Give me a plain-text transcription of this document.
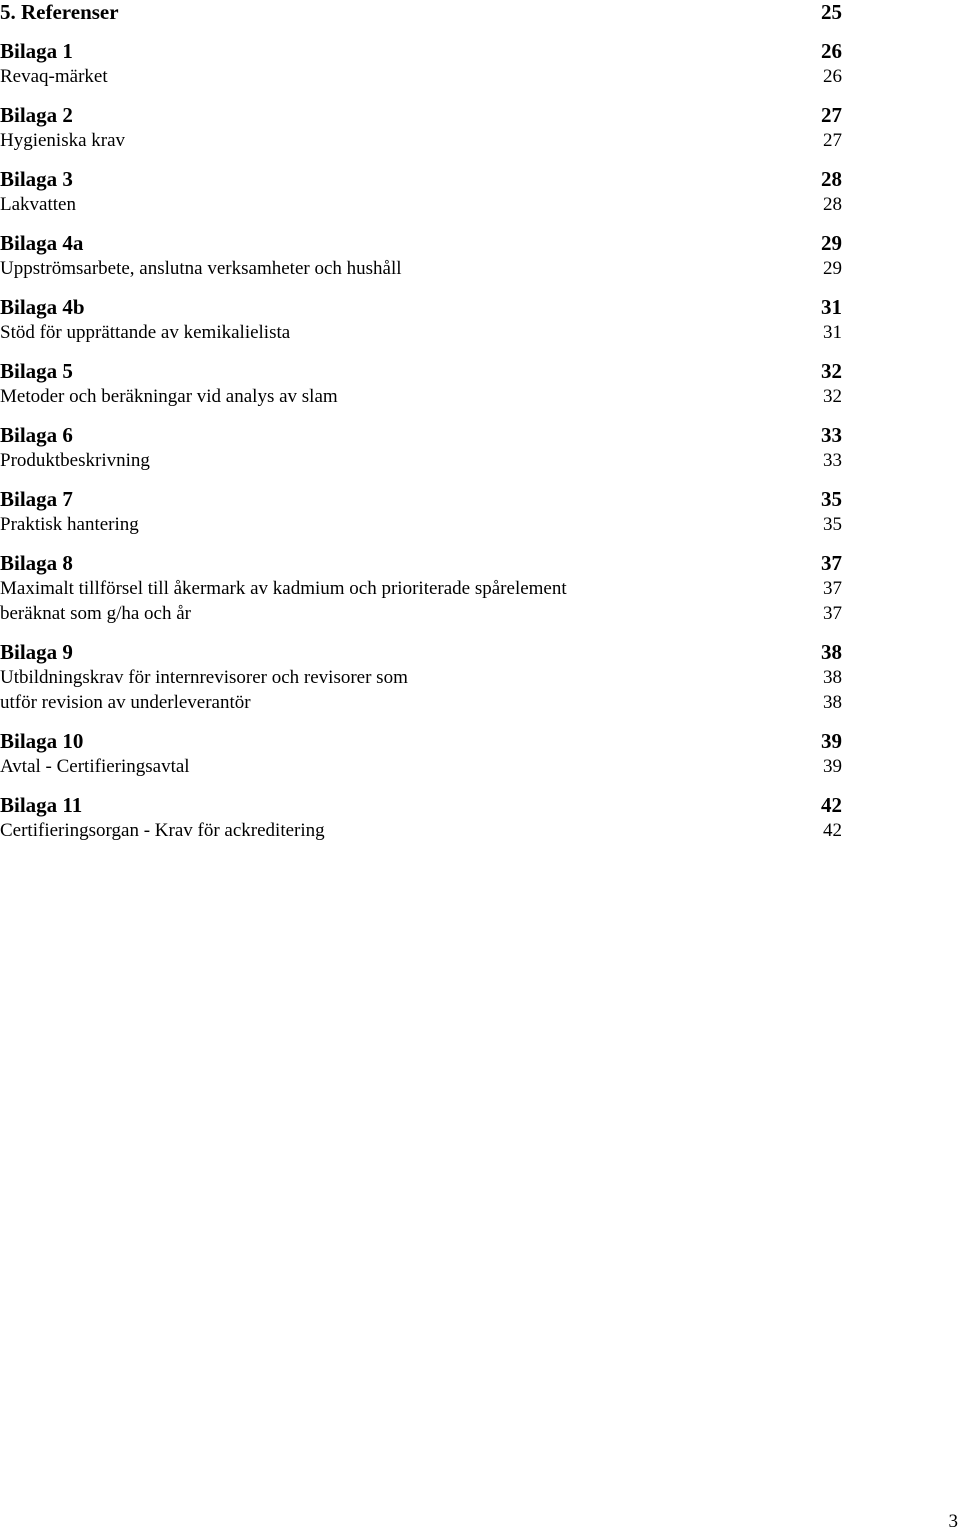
5. Referenser	25
Bilaga 1	26
Revaq-märket	26
Bilaga 2	27
Hygieniska krav	27
Bilaga 3	28
Lakvatten	28
Bilaga 4a	29
Uppströmsarbete, anslutna verksamheter och hushåll	29
Bilaga 4b	31
Stöd för upprättande av kemikalielista	31
Bilaga 5	32
Metoder och beräkningar vid analys av slam	32
Bilaga 6	33
Produktbeskrivning	33
Bilaga 7	35
Praktisk hantering	35
Bilaga 8	37
Maximalt tillförsel till åkermark av kadmium och prioriterade spårelement	37
beräknat som g/ha och år	37
Bilaga 9	38
Utbildningskrav för internrevisorer och revisorer som	38
utför revision av underleverantör	38
Bilaga 10	39
Avtal - Certifieringsavtal	39
Bilaga 11	42
Certifieringsorgan - Krav för ackreditering	42
3
